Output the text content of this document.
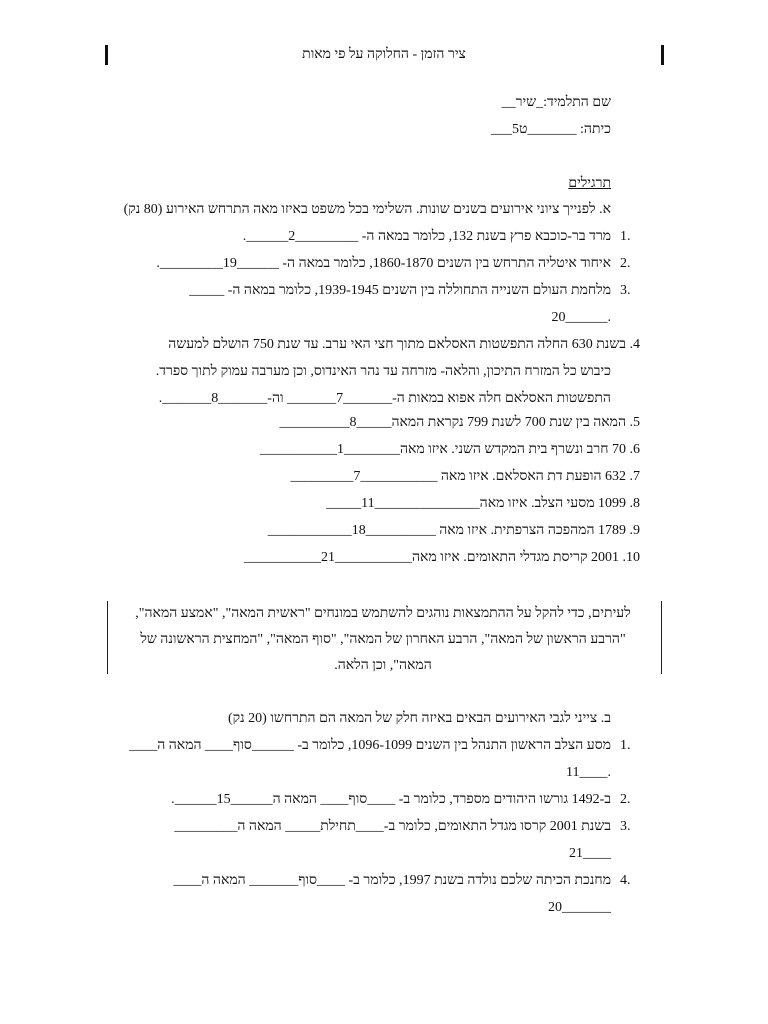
ציר הזמן - החלוקה על פי מאות
שם התלמיד:_שיר__
כיתה: _______ט5___
תרגילים
א. לפנייך ציוני אירועים בשנים שונות. השלימי בכל משפט באיזו מאה התרחש האירוע (80 נק)
1.
מרד בר-כוכבא פרץ בשנת 132, כלומר במאה ה- _________2______.
2.
איחוד איטליה התרחש בין השנים 1860-1870, כלומר במאה ה- ______19_________.
3.
מלחמת העולם השנייה התחוללה בין השנים 1939-1945, כלומר במאה ה- _____
20______.
4. בשנת 630 החלה התפשטות האסלאם מתוך חצי האי ערב. עד שנת 750 הושלם למעשה
כיבוש כל המזרח התיכון, והלאה- מזרחה עד נהר האינדוס, וכן מערבה עמוק לתוך ספרד.
התפשטות האסלאם חלה אפוא במאות ה-_______7_______ וה-_______8_______.
5. המאה בין שנת 700 לשנת 799 נקראת המאה_____8__________
6. 70 חרב ונשרף בית המקדש השני. איזו מאה________1___________
7. 632 הופעת דת האסלאם. איזו מאה ___________7_________
8. 1099 מסעי הצלב. איזו מאה_______________11_____
9. 1789 המהפכה הצרפתית. איזו מאה __________18____________
10. 2001 קריסת מגדלי התאומים. איזו מאה___________21___________
לעיתים, כדי להקל על ההתמצאות נוהגים להשתמש במונחים "ראשית המאה", "אמצע המאה",
"הרבע הראשון של המאה", הרבע האחרון של המאה", "סוף המאה", "המחצית הראשונה של
המאה", וכן הלאה.
ב. צייני לגבי האירועים הבאים באיזה חלק של המאה הם התרחשו (20 נק)
1.
מסע הצלב הראשון התנהל בין השנים 1096-1099, כלומר ב- ______סוף____ המאה ה____
11____.
2.
ב-1492 גורשו היהודים מספרד, כלומר ב- ____סוף____ המאה ה______15______.
3.
בשנת 2001 קרסו מגדל התאומים, כלומר ב-____תחילת_____ המאה ה_________
21____
4.
מחנכת הכיתה שלכם נולדה בשנת 1997, כלומר ב- ____סוף_______ המאה ה____
20_______
